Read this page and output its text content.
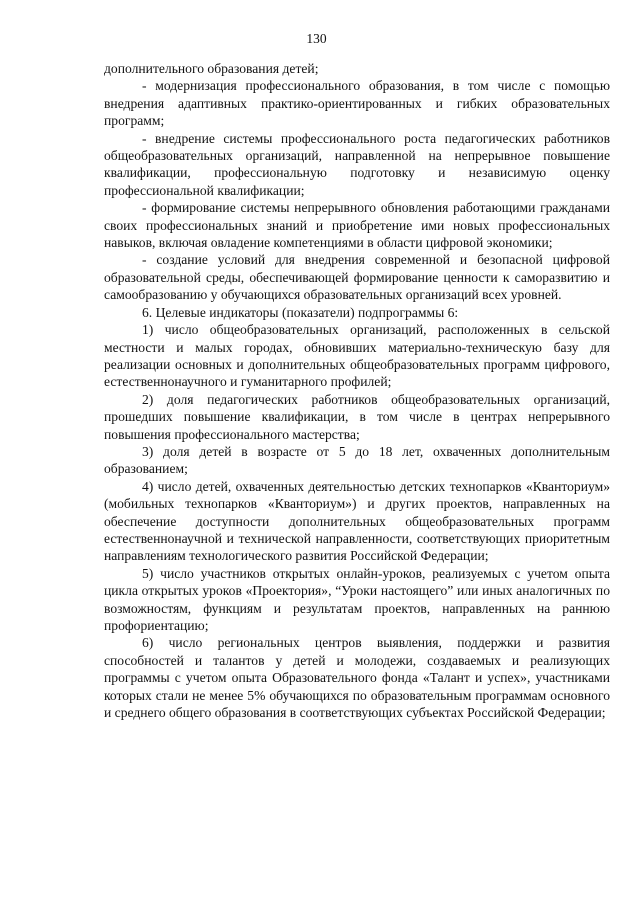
130

дополнительного образования детей;

- модернизация профессионального образования, в том числе с помощью внедрения адаптивных практико-ориентированных и гибких образовательных программ;

- внедрение системы профессионального роста педагогических работников общеобразовательных организаций, направленной на непрерывное повышение квалификации, профессиональную подготовку и независимую оценку профессиональной квалификации;

- формирование системы непрерывного обновления работающими гражданами своих профессиональных знаний и приобретение ими новых профессиональных навыков, включая овладение компетенциями в области цифровой экономики;

- создание условий для внедрения современной и безопасной цифровой образовательной среды, обеспечивающей формирование ценности к саморазвитию и самообразованию у обучающихся образовательных организаций всех уровней.

6. Целевые индикаторы (показатели) подпрограммы 6:

1) число общеобразовательных организаций, расположенных в сельской местности и малых городах, обновивших материально-техническую базу для реализации основных и дополнительных общеобразовательных программ цифрового, естественнонаучного и гуманитарного профилей;

2) доля педагогических работников общеобразовательных организаций, прошедших повышение квалификации, в том числе в центрах непрерывного повышения профессионального мастерства;

3) доля детей в возрасте от 5 до 18 лет, охваченных дополнительным образованием;

4) число детей, охваченных деятельностью детских технопарков «Кванториум» (мобильных технопарков «Кванториум») и других проектов, направленных на обеспечение доступности дополнительных общеобразовательных программ естественнонаучной и технической направленности, соответствующих приоритетным направлениям технологического развития Российской Федерации;

5) число участников открытых онлайн-уроков, реализуемых с учетом опыта цикла открытых уроков «Проектория», “Уроки настоящего” или иных аналогичных по возможностям, функциям и результатам проектов, направленных на раннюю профориентацию;

6) число региональных центров выявления, поддержки и развития способностей и талантов у детей и молодежи, создаваемых и реализующих программы с учетом опыта Образовательного фонда «Талант и успех», участниками которых стали не менее 5% обучающихся по образовательным программам основного и среднего общего образования в соответствующих субъектах Российской Федерации;
